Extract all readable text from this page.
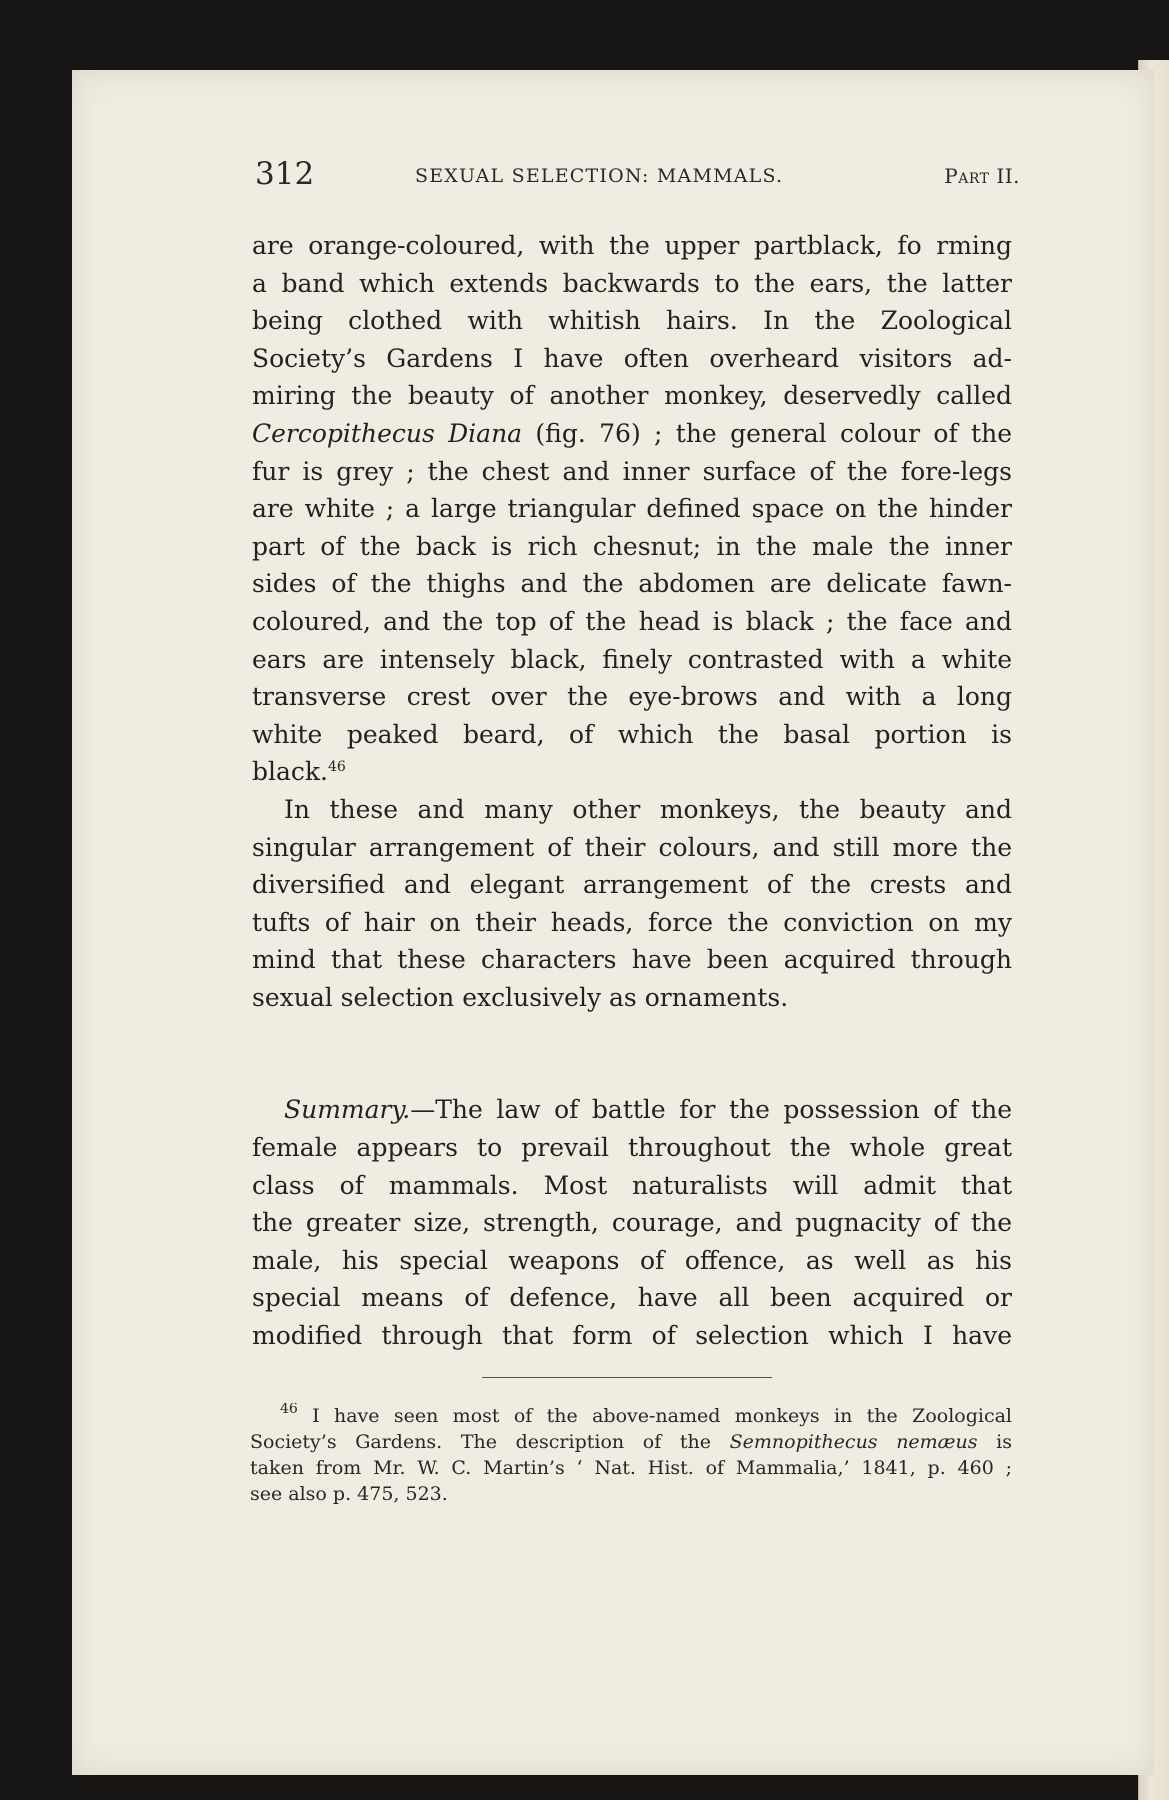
312	SEXUAL SELECTION: MAMMALS.	Part II.
are orange-coloured, with the upper partblack, fo rming
a band which extends backwards to the ears, the latter
being clothed with whitish hairs. In the Zoological
Society’s Gardens I have often overheard visitors ad-
miring the beauty of another monkey, deservedly called
Cercopithecus Diana (fig. 76) ; the general colour of the
fur is grey ; the chest and inner surface of the fore-legs
are white ; a large triangular defined space on the hinder
part of the back is rich chesnut; in the male the inner
sides of the thighs and the abdomen are delicate fawn-
coloured, and the top of the head is black ; the face and
ears are intensely black, finely contrasted with a white
transverse crest over the eye-brows and with a long
white peaked beard, of which the basal portion is
black.$^{46}$
In these and many other monkeys, the beauty and
singular arrangement of their colours, and still more the
diversified and elegant arrangement of the crests and
tufts of hair on their heads, force the conviction on my
mind that these characters have been acquired through
sexual selection exclusively as ornaments.
Summary.—The law of battle for the possession of the
female appears to prevail throughout the whole great
class of mammals. Most naturalists will admit that
the greater size, strength, courage, and pugnacity of the
male, his special weapons of offence, as well as his
special means of defence, have all been acquired or
modified through that form of selection which I have
$^{46}$ I have seen most of the above-named monkeys in the Zoological
Society’s Gardens. The description of the Semnopithecus nemæus is
taken from Mr. W. C. Martin’s ‘ Nat. Hist. of Mammalia,’ 1841, p. 460 ;
see also p. 475, 523.
